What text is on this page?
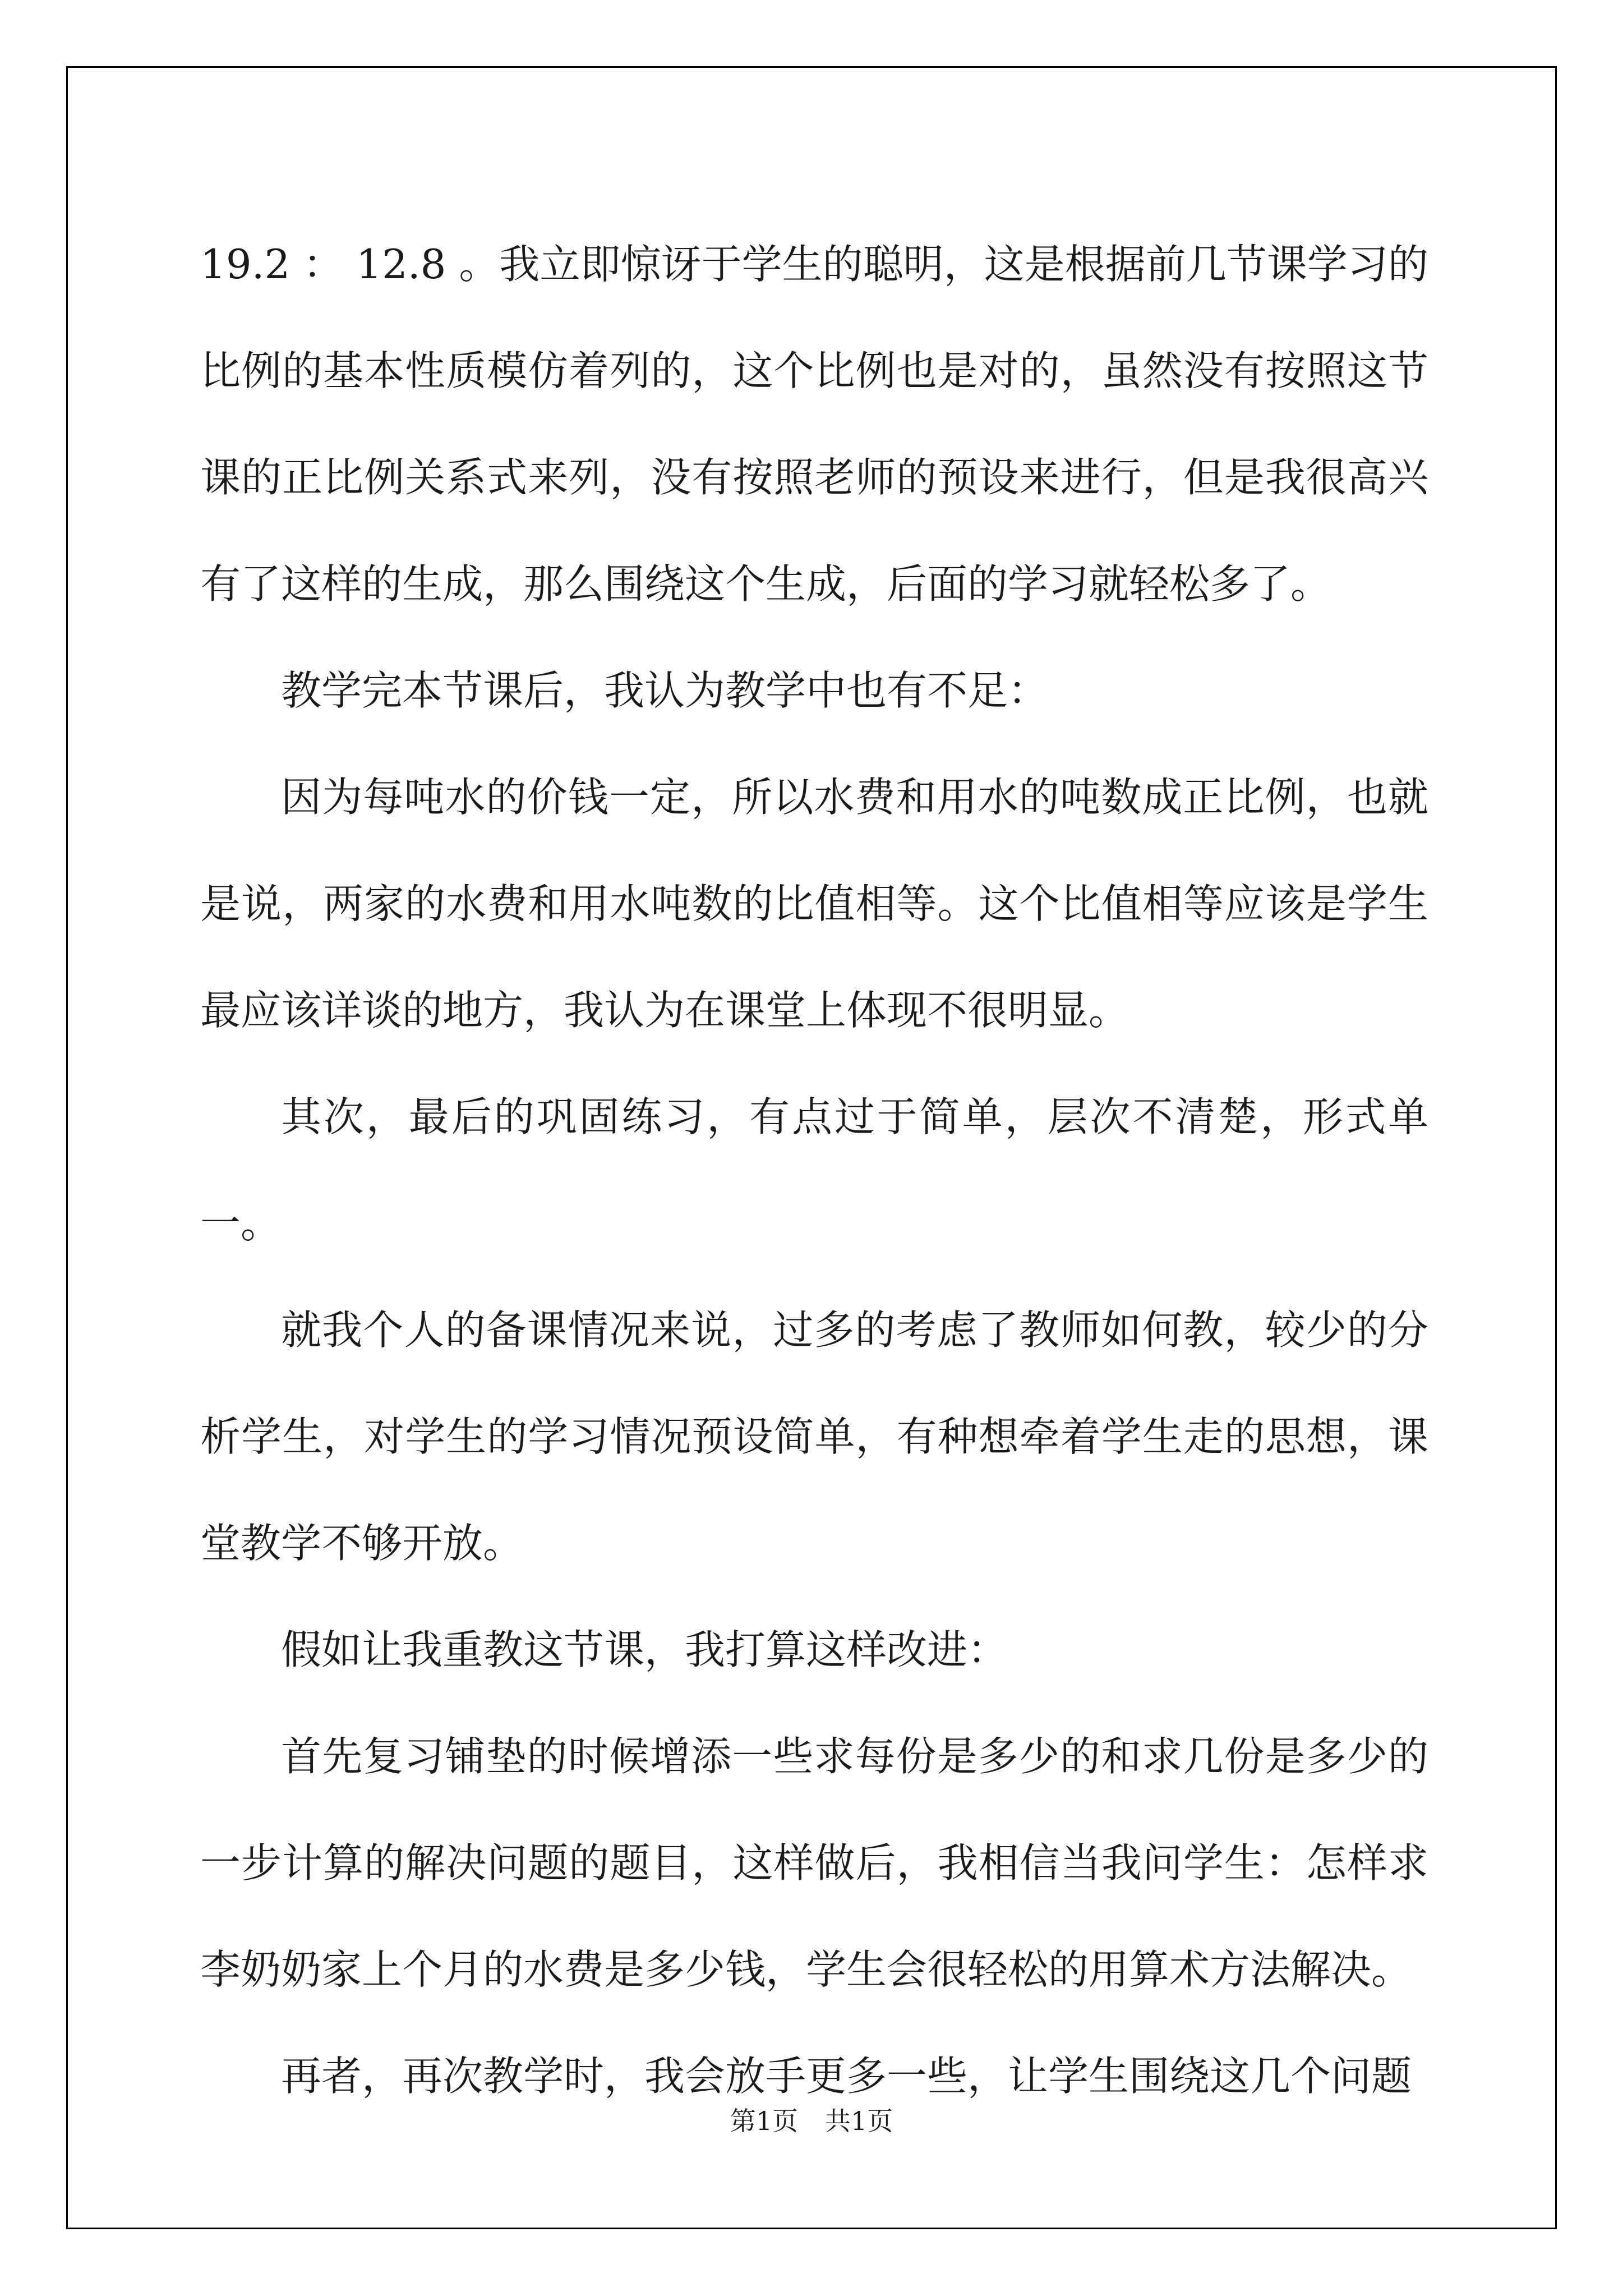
19.2 ： 12.8 。我立即惊讶于学生的聪明，这是根据前几节课学习的比例的基本性质模仿着列的，这个比例也是对的，虽然没有按照这节课的正比例关系式来列，没有按照老师的预设来进行，但是我很高兴有了这样的生成，那么围绕这个生成，后面的学习就轻松多了。

教学完本节课后，我认为教学中也有不足：

因为每吨水的价钱一定，所以水费和用水的吨数成正比例，也就是说，两家的水费和用水吨数的比值相等。这个比值相等应该是学生最应该详谈的地方，我认为在课堂上体现不很明显。

其次，最后的巩固练习，有点过于简单，层次不清楚，形式单一。

就我个人的备课情况来说，过多的考虑了教师如何教，较少的分析学生，对学生的学习情况预设简单，有种想牵着学生走的思想，课堂教学不够开放。

假如让我重教这节课，我打算这样改进：

首先复习铺垫的时候增添一些求每份是多少的和求几份是多少的一步计算的解决问题的题目，这样做后，我相信当我问学生：怎样求李奶奶家上个月的水费是多少钱，学生会很轻松的用算术方法解决。

再者，再次教学时，我会放手更多一些，让学生围绕这几个问题

第1页 共1页
